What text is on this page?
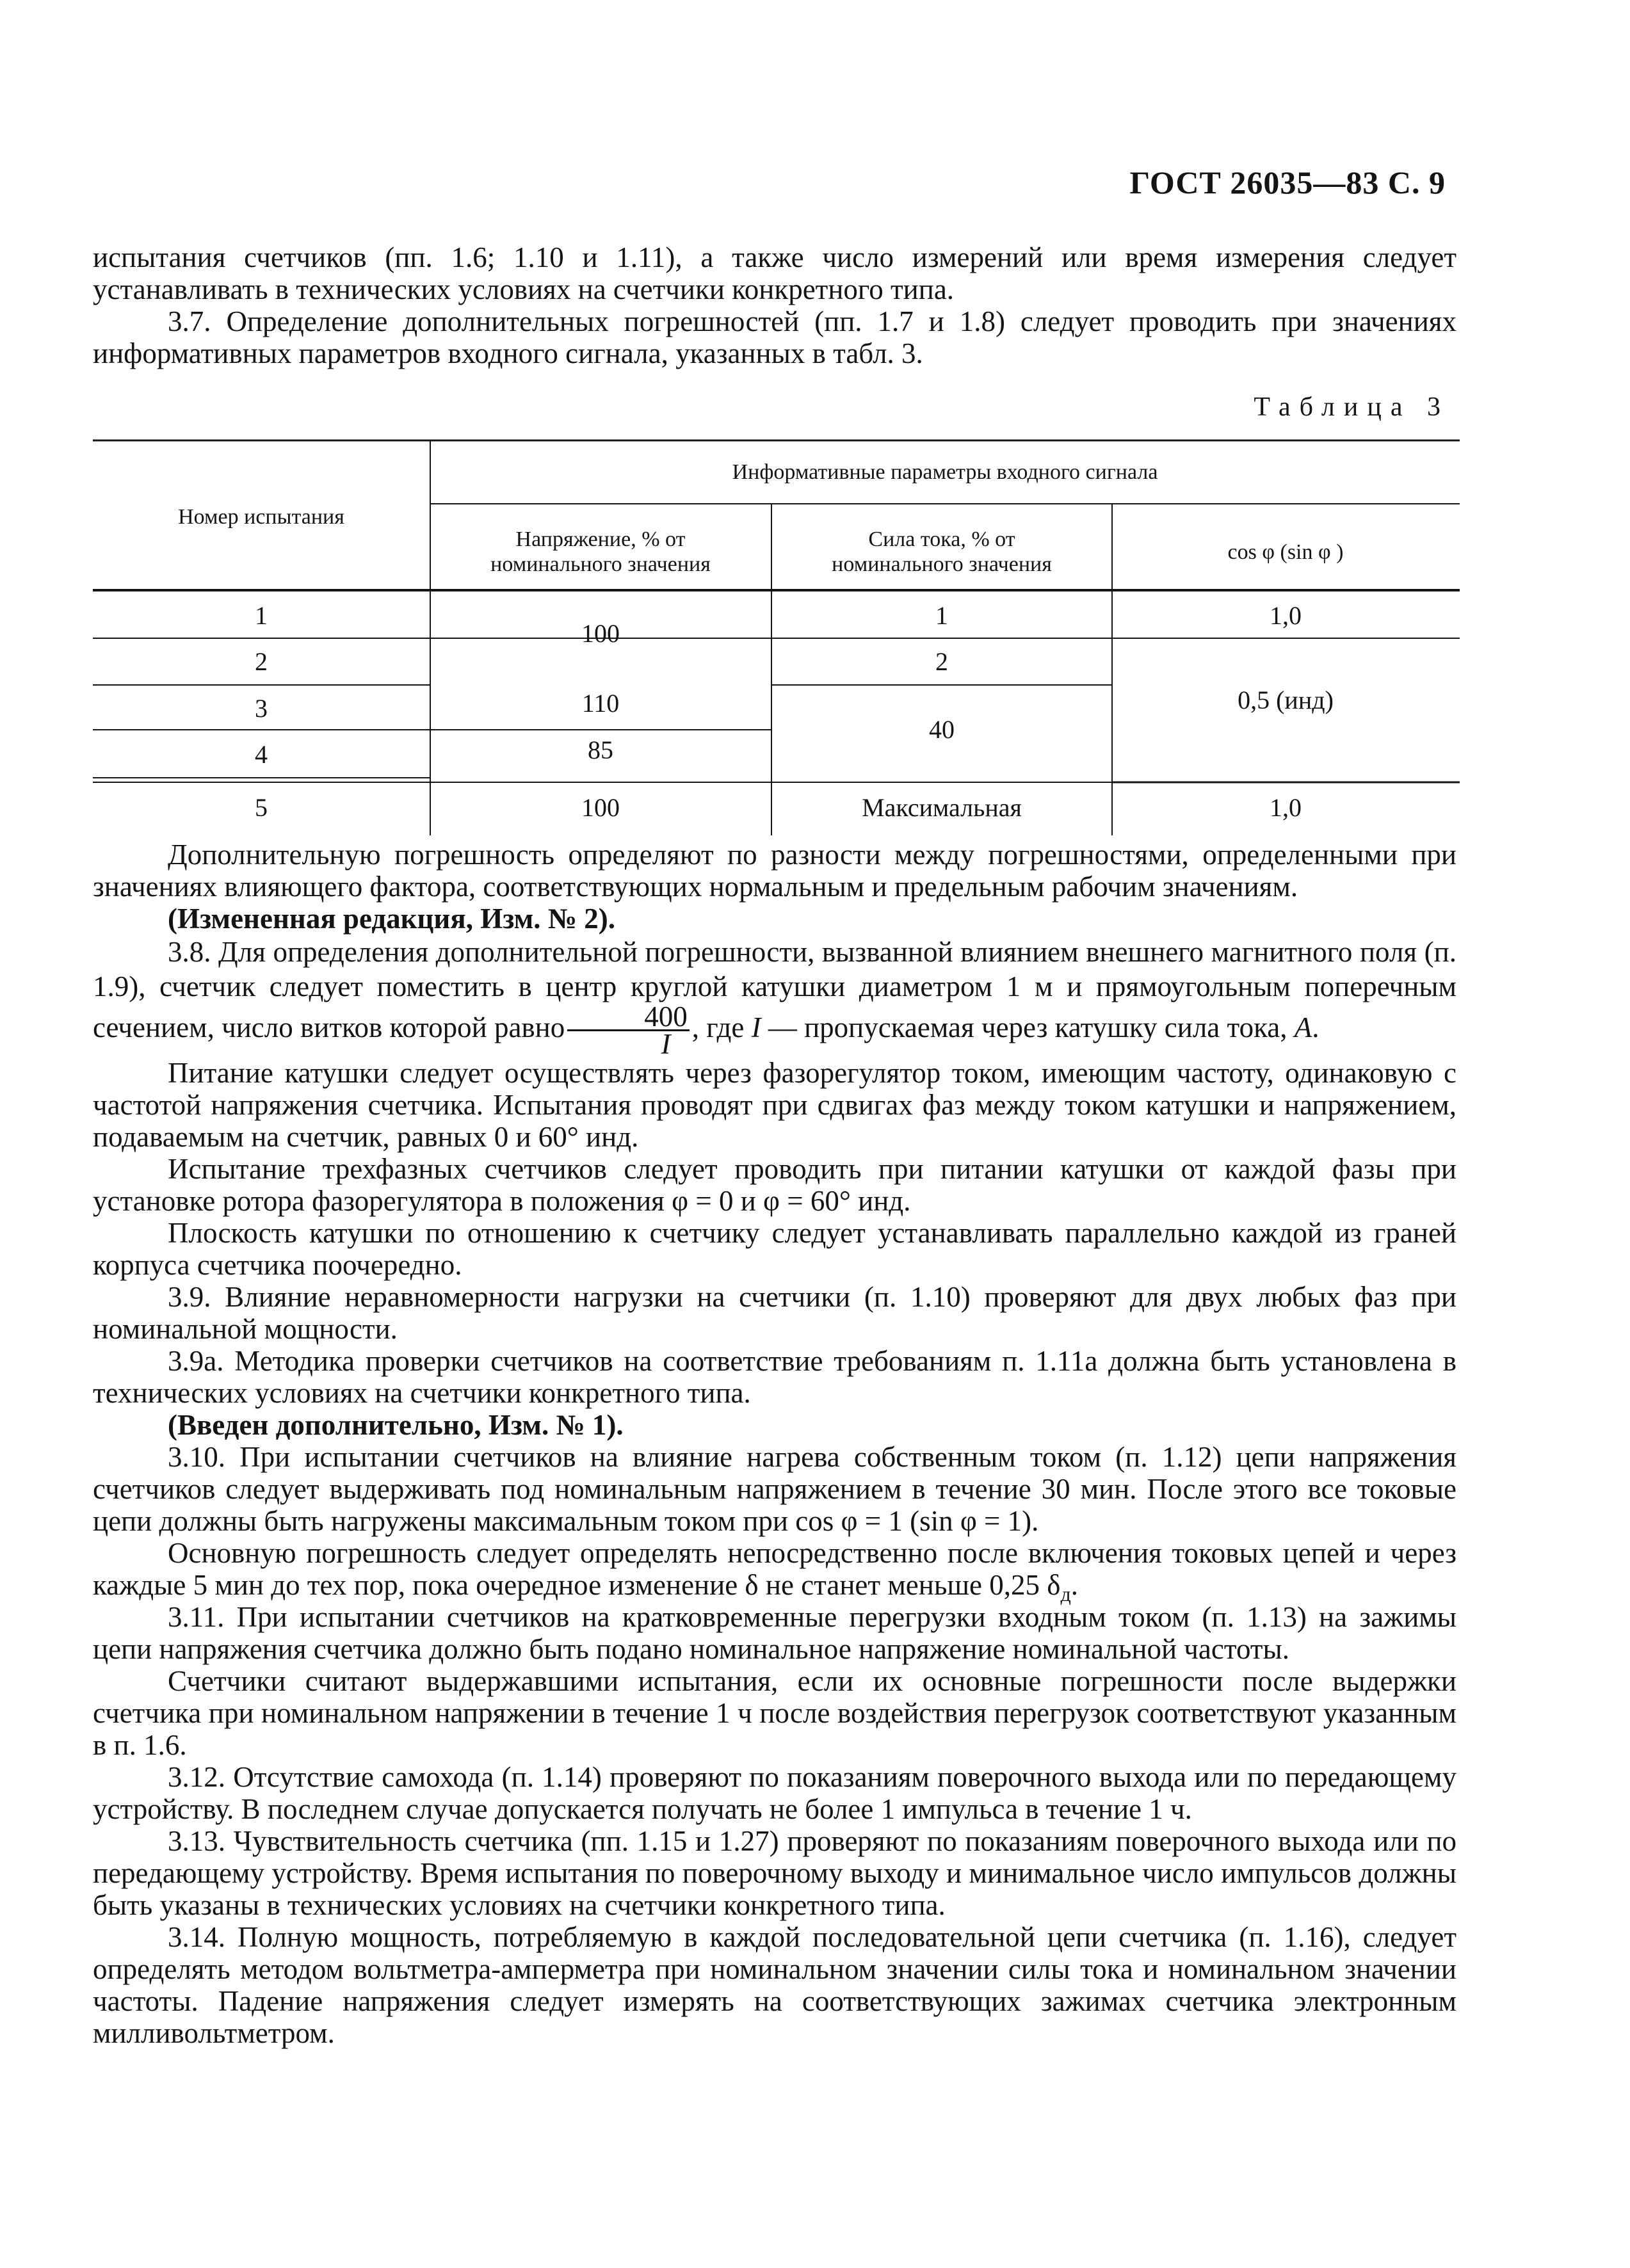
ГОСТ 26035—83 С. 9

испытания счетчиков (пп. 1.6; 1.10 и 1.11), а также число измерений или время измерения следует устанавливать в технических условиях на счетчики конкретного типа.

3.7. Определение дополнительных погрешностей (пп. 1.7 и 1.8) следует проводить при значениях информативных параметров входного сигнала, указанных в табл. 3.

Таблица 3
Номер испытания
Информативные параметры входного сигнала
Напряжение, % от
номинального значения
Сила тока, % от
номинального значения
cos φ (sin φ )
1
2
3
4
5
100
110
85
100
1
2
40
Максимальная
1,0
0,5 (инд)
1,0

Дополнительную погрешность определяют по разности между погрешностями, определенными при значениях влияющего фактора, соответствующих нормальным и предельным рабочим значениям.

(Измененная редакция, Изм. № 2).

3.8. Для определения дополнительной погрешности, вызванной влиянием внешнего магнитного поля (п. 1.9), счетчик следует поместить в центр круглой катушки диаметром 1 м и прямоугольным поперечным сечением, число витков которой равно $\frac{400}{I}$ , где I — пропускаемая через катушку сила тока, A.

Питание катушки следует осуществлять через фазорегулятор током, имеющим частоту, одинаковую с частотой напряжения счетчика. Испытания проводят при сдвигах фаз между током катушки и напряжением, подаваемым на счетчик, равных 0 и 60° инд.

Испытание трехфазных счетчиков следует проводить при питании катушки от каждой фазы при установке ротора фазорегулятора в положения φ = 0 и φ = 60° инд.

Плоскость катушки по отношению к счетчику следует устанавливать параллельно каждой из граней корпуса счетчика поочередно.

3.9. Влияние неравномерности нагрузки на счетчики (п. 1.10) проверяют для двух любых фаз при номинальной мощности.

3.9а. Методика проверки счетчиков на соответствие требованиям п. 1.11а должна быть установлена в технических условиях на счетчики конкретного типа.

(Введен дополнительно, Изм. № 1).

3.10. При испытании счетчиков на влияние нагрева собственным током (п. 1.12) цепи напряжения счетчиков следует выдерживать под номинальным напряжением в течение 30 мин. После этого все токовые цепи должны быть нагружены максимальным током при cos φ = 1 (sin φ = 1).

Основную погрешность следует определять непосредственно после включения токовых цепей и через каждые 5 мин до тех пор, пока очередное изменение δ не станет меньше 0,25 $\delta_д$.

3.11. При испытании счетчиков на кратковременные перегрузки входным током (п. 1.13) на зажимы цепи напряжения счетчика должно быть подано номинальное напряжение номинальной частоты.

Счетчики считают выдержавшими испытания, если их основные погрешности после выдержки счетчика при номинальном напряжении в течение 1 ч после воздействия перегрузок соответствуют указанным в п. 1.6.

3.12. Отсутствие самохода (п. 1.14) проверяют по показаниям поверочного выхода или по передающему устройству. В последнем случае допускается получать не более 1 импульса в течение 1 ч.

3.13. Чувствительность счетчика (пп. 1.15 и 1.27) проверяют по показаниям поверочного выхода или по передающему устройству. Время испытания по поверочному выходу и минимальное число импульсов должны быть указаны в технических условиях на счетчики конкретного типа.

3.14. Полную мощность, потребляемую в каждой последовательной цепи счетчика (п. 1.16), следует определять методом вольтметра-амперметра при номинальном значении силы тока и номинальном значении частоты. Падение напряжения следует измерять на соответствующих зажимах счетчика электронным милливольтметром.
